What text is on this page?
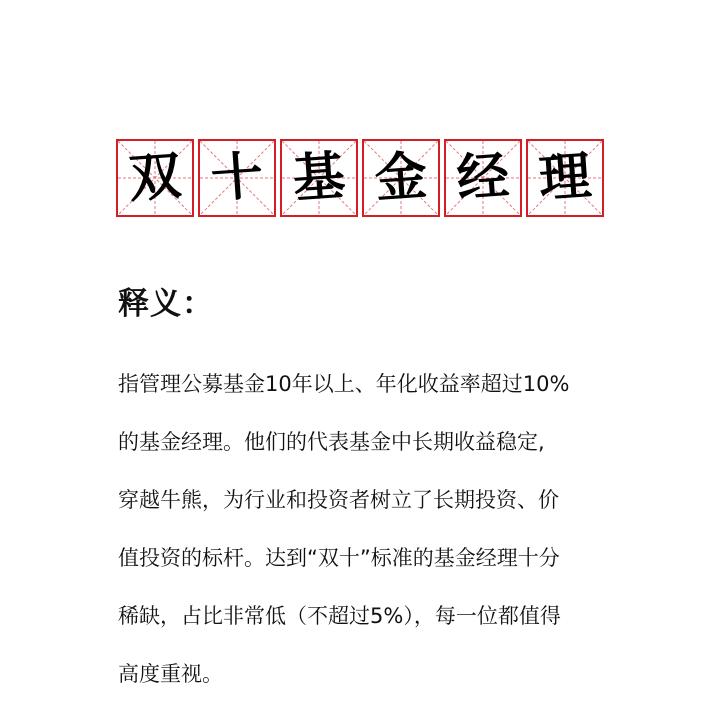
双 十 基 金 经 理
释义：
指管理公募基金10年以上、年化收益率超过10%
的基金经理。他们的代表基金中长期收益稳定,
穿越牛熊，为行业和投资者树立了长期投资、价
值投资的标杆。达到“双十”标准的基金经理十分
稀缺，占比非常低（不超过5%），每一位都值得
高度重视。
